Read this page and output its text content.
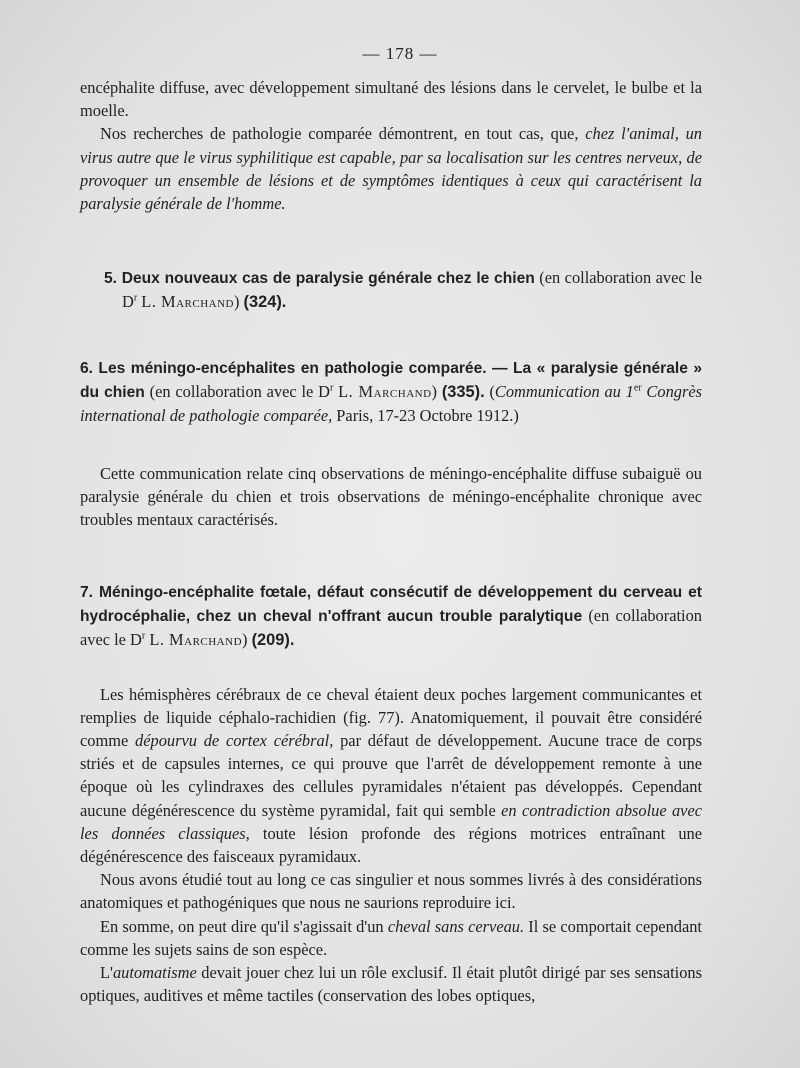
— 178 —

encéphalite diffuse, avec développement simultané des lésions dans le cervelet, le bulbe et la moelle.

Nos recherches de pathologie comparée démontrent, en tout cas, que, chez l'animal, un virus autre que le virus syphilitique est capable, par sa localisation sur les centres nerveux, de provoquer un ensemble de lésions et de symptômes identiques à ceux qui caractérisent la paralysie générale de l'homme.

5. Deux nouveaux cas de paralysie générale chez le chien (en collaboration avec le $D^r$ L. Marchand) (324).

6. Les méningo-encéphalites en pathologie comparée. — La « paralysie générale » du chien (en collaboration avec le $D^r$ L. Marchand) (335). (Communication au 1er Congrès international de pathologie comparée, Paris, 17-23 Octobre 1912.)

Cette communication relate cinq observations de méningo-encéphalite diffuse subaiguë ou paralysie générale du chien et trois observations de méningo-encéphalite chronique avec troubles mentaux caractérisés.

7. Méningo-encéphalite fœtale, défaut consécutif de développement du cerveau et hydrocéphalie, chez un cheval n'offrant aucun trouble paralytique (en collaboration avec le $D^r$ L. Marchand) (209).

Les hémisphères cérébraux de ce cheval étaient deux poches largement communicantes et remplies de liquide céphalo-rachidien (fig. 77). Anatomiquement, il pouvait être considéré comme dépourvu de cortex cérébral, par défaut de développement. Aucune trace de corps striés et de capsules internes, ce qui prouve que l'arrêt de développement remonte à une époque où les cylindraxes des cellules pyramidales n'étaient pas développés. Cependant aucune dégénérescence du système pyramidal, fait qui semble en contradiction absolue avec les données classiques, toute lésion profonde des régions motrices entraînant une dégénérescence des faisceaux pyramidaux.

Nous avons étudié tout au long ce cas singulier et nous sommes livrés à des considérations anatomiques et pathogéniques que nous ne saurions reproduire ici.

En somme, on peut dire qu'il s'agissait d'un cheval sans cerveau. Il se comportait cependant comme les sujets sains de son espèce.

L'automatisme devait jouer chez lui un rôle exclusif. Il était plutôt dirigé par ses sensations optiques, auditives et même tactiles (conservation des lobes optiques,
